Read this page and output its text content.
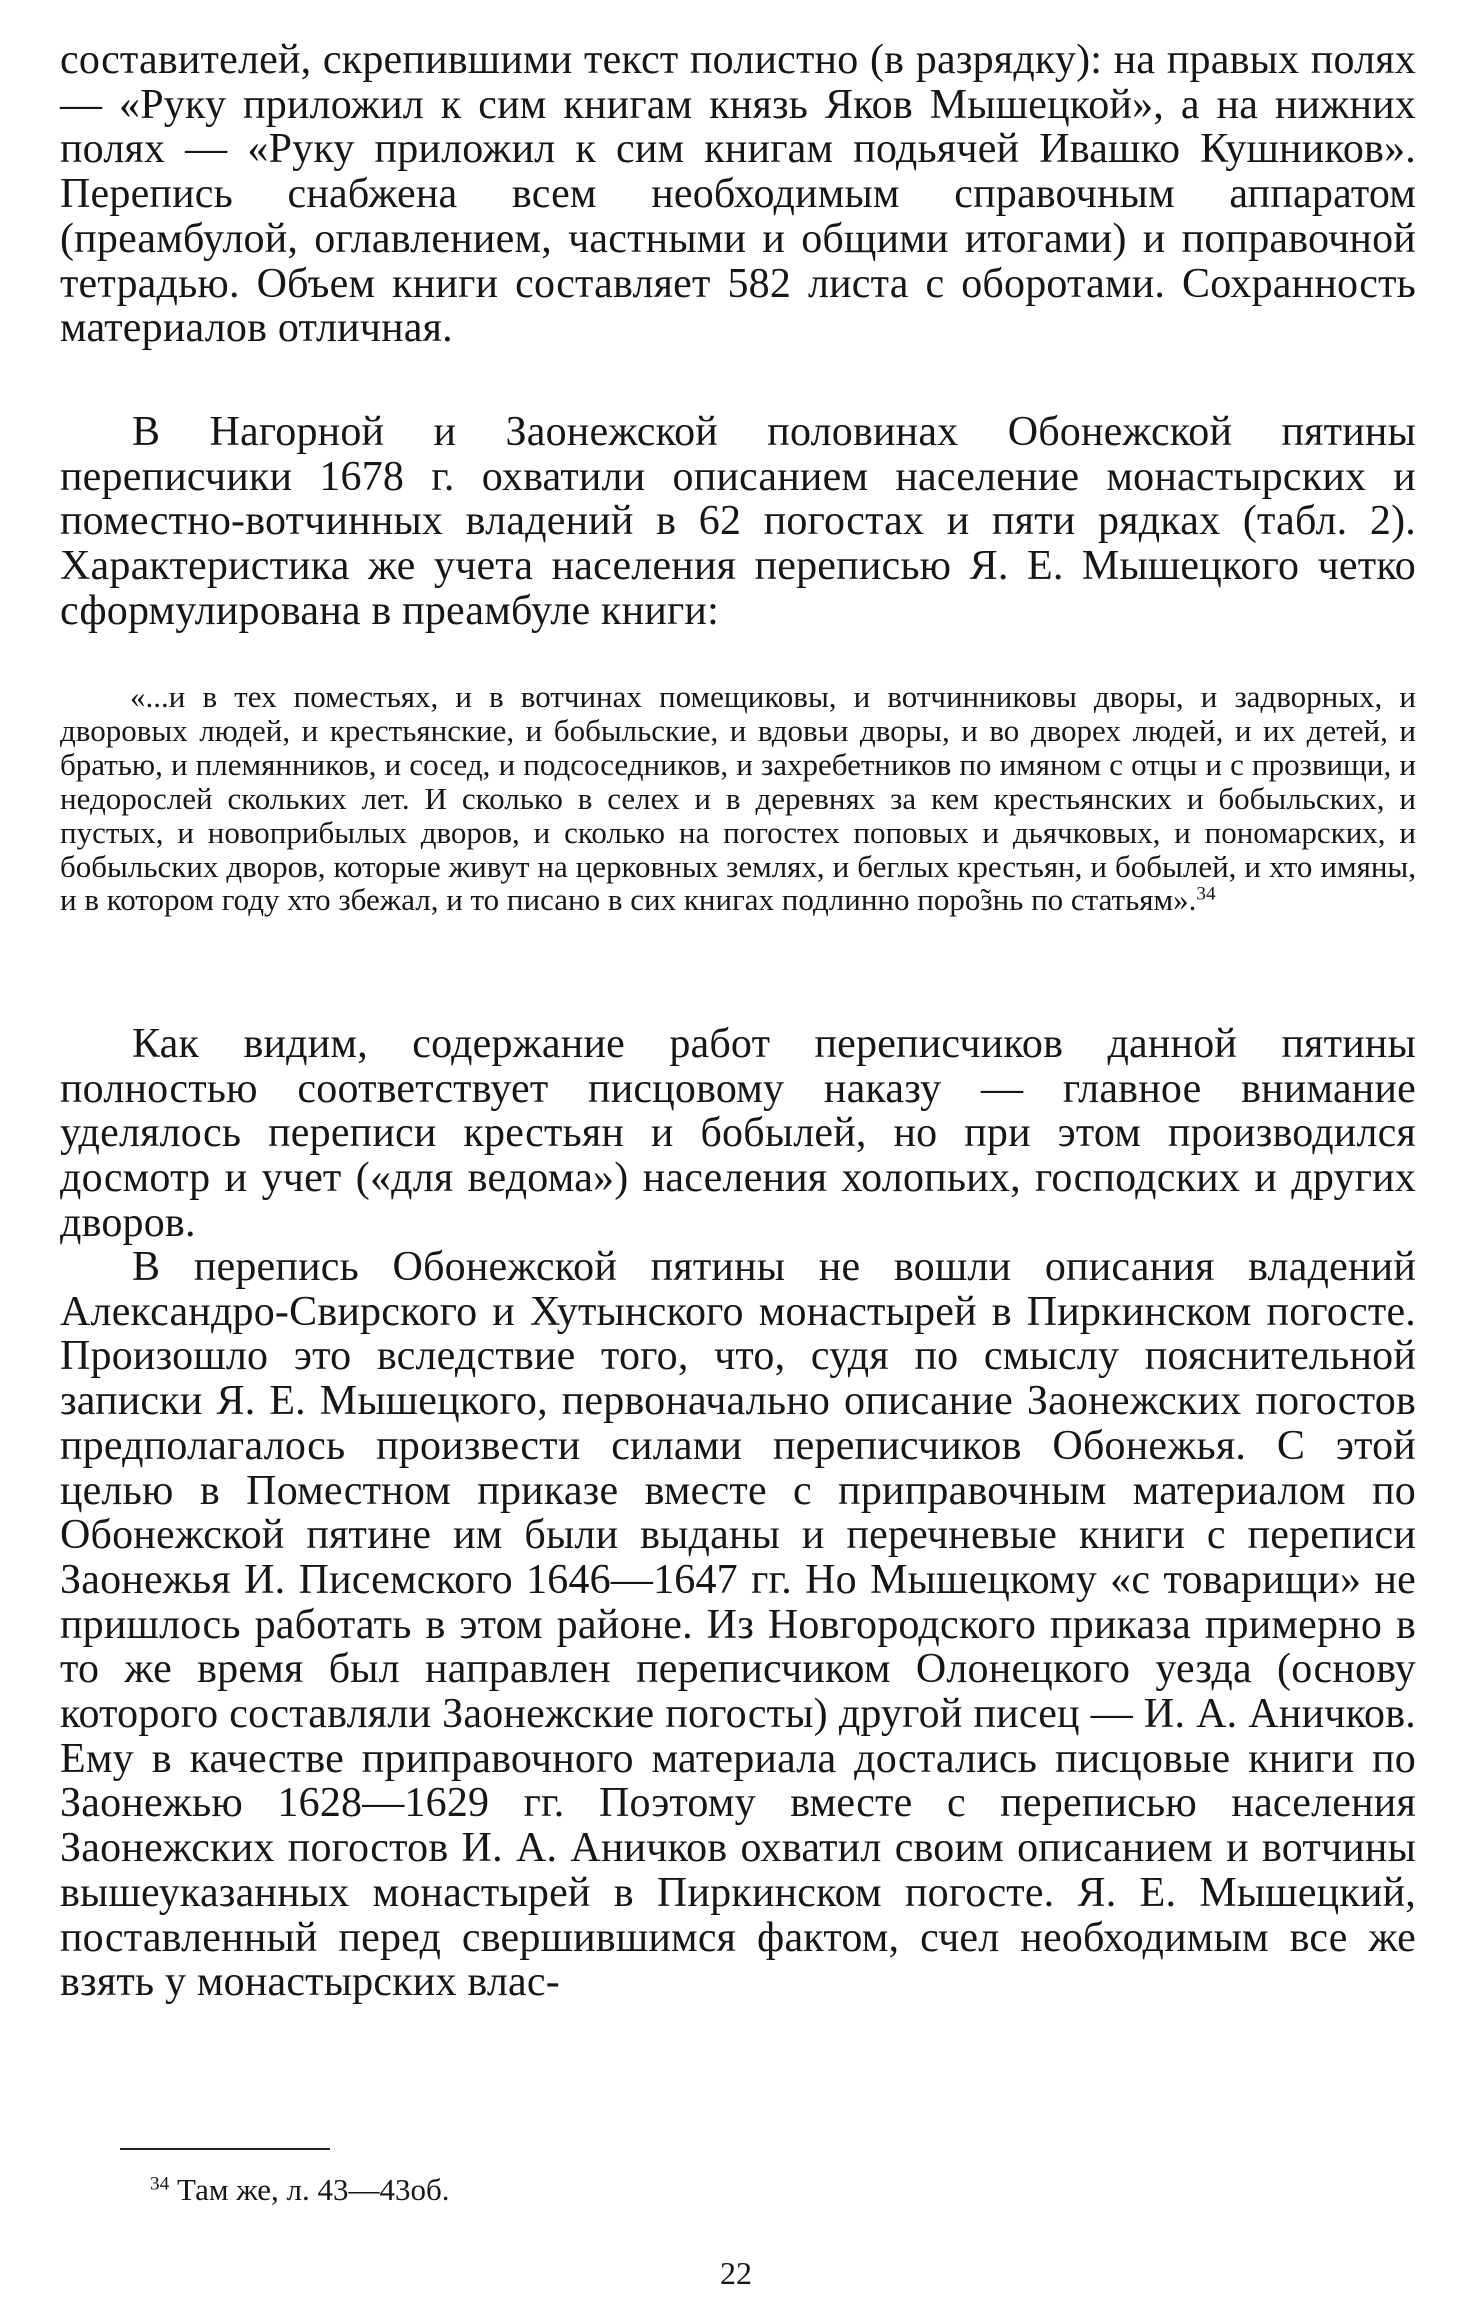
составителей, скрепившими текст полистно (в разрядку): на правых полях — «Руку приложил к сим книгам князь Яков Мышецкой», а на нижних полях — «Руку приложил к сим книгам подьячей Ивашко Кушников». Перепись снабжена всем необходимым справочным аппаратом (преамбулой, оглавлением, частными и общими итогами) и поправочной тетрадью. Объем книги составляет 582 листа с оборотами. Сохранность материалов отличная.
В Нагорной и Заонежской половинах Обонежской пятины переписчики 1678 г. охватили описанием население монастырских и поместно-вотчинных владений в 62 погостах и пяти рядках (табл. 2). Характеристика же учета населения переписью Я. Е. Мышецкого четко сформулирована в преамбуле книги:
«...и в тех поместьях, и в вотчинах помещиковы, и вотчинниковы дворы, и задворных, и дворовых людей, и крестьянские, и бобыльские, и вдовьи дворы, и во дворех людей, и их детей, и братью, и племянников, и сосед, и подсоседников, и захребетников по имяном с отцы и с прозвищи, и недорослей скольких лет. И сколько в селех и в деревнях за кем крестьянских и бобыльских, и пустых, и новоприбылых дворов, и сколько на погостех поповых и дьячковых, и пономарских, и бобыльских дворов, которые живут на церковных землях, и беглых крестьян, и бобылей, и хто имяны, и в котором году хто збежал, и то писано в сих книгах подлинно поро̃знь по статьям».$^{34}$
Как видим, содержание работ переписчиков данной пятины полностью соответствует писцовому наказу — главное внимание уделялось переписи крестьян и бобылей, но при этом производился досмотр и учет («для ведома») населения холопьих, господских и других дворов.
В перепись Обонежской пятины не вошли описания владений Александро-Свирского и Хутынского монастырей в Пиркинском погосте. Произошло это вследствие того, что, судя по смыслу пояснительной записки Я. Е. Мышецкого, первоначально описание Заонежских погостов предполагалось произвести силами переписчиков Обонежья. С этой целью в Поместном приказе вместе с приправочным материалом по Обонежской пятине им были выданы и перечневые книги с переписи Заонежья И. Писемского 1646—1647 гг. Но Мышецкому «с товарищи» не пришлось работать в этом районе. Из Новгородского приказа примерно в то же время был направлен переписчиком Олонецкого уезда (основу которого составляли Заонежские погосты) другой писец — И. А. Аничков. Ему в качестве приправочного материала достались писцовые книги по Заонежью 1628—1629 гг. Поэтому вместе с переписью населения Заонежских погостов И. А. Аничков охватил своим описанием и вотчины вышеуказанных монастырей в Пиркинском погосте. Я. Е. Мышецкий, поставленный перед свершившимся фактом, счел необходимым все же взять у монастырских влас-
$^{34}$ Там же, л. 43—43об.
22
